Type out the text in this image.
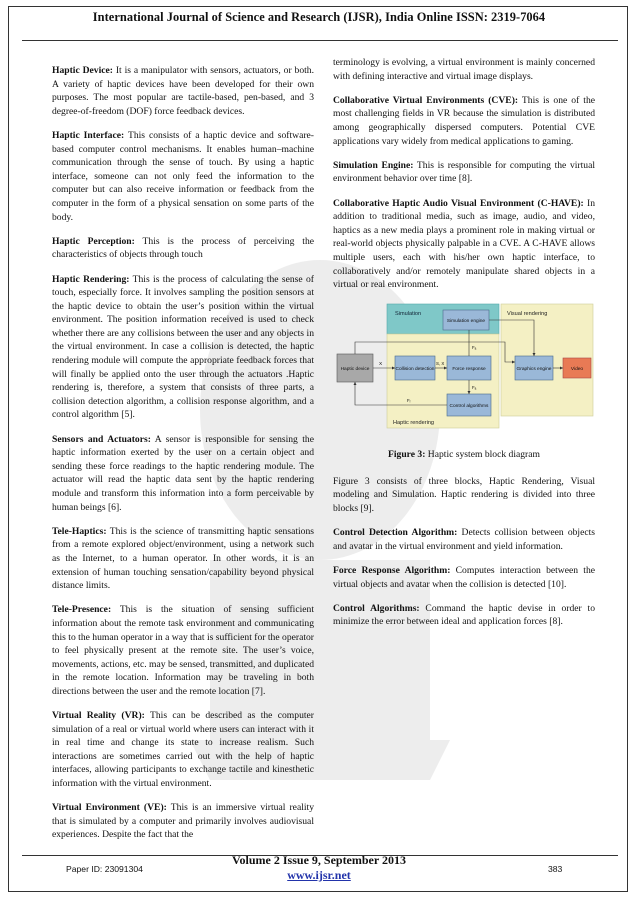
International Journal of Science and Research (IJSR), India Online ISSN: 2319-7064

Haptic Device: It is a manipulator with sensors, actuators, or both. A variety of haptic devices have been developed for their own purposes. The most popular are tactile-based, pen-based, and 3 degree-of-freedom (DOF) force feedback devices.

Haptic Interface: This consists of a haptic device and software-based computer control mechanisms. It enables human–machine communication through the sense of touch. By using a haptic interface, someone can not only feed the information to the computer but can also receive information or feedback from the computer in the form of a physical sensation on some parts of the body.

Haptic Perception: This is the process of perceiving the characteristics of objects through touch

Haptic Rendering: This is the process of calculating the sense of touch, especially force. It involves sampling the position sensors at the haptic device to obtain the user’s position within the virtual environment. The position information received is used to check whether there are any collisions between the user and any objects in the virtual environment. In case a collision is detected, the haptic rendering module will compute the appropriate feedback forces that will finally be applied onto the user through the actuators .Haptic rendering is, therefore, a system that consists of three parts, a collision detection algorithm, a collision response algorithm, and a control algorithm [5].

Sensors and Actuators: A sensor is responsible for sensing the haptic information exerted by the user on a certain object and sending these force readings to the haptic rendering module. The actuator will read the haptic data sent by the haptic rendering module and transform this information into a form perceivable by human beings [6].

Tele-Haptics: This is the science of transmitting haptic sensations from a remote explored object/environment, using a network such as the Internet, to a human operator. In other words, it is an extension of human touching sensation/capability beyond physical distance limits.

Tele-Presence: This is the situation of sensing sufficient information about the remote task environment and communicating this to the human operator in a way that is sufficient for the operator to feel physically present at the remote site. The user’s voice, movements, actions, etc. may be sensed, transmitted, and duplicated in the remote location. Information may be traveling in both directions between the user and the remote location [7].

Virtual Reality (VR): This can be described as the computer simulation of a real or virtual world where users can interact with it in real time and change its state to increase realism. Such interactions are sometimes carried out with the help of haptic interfaces, allowing participants to exchange tactile and kinesthetic information with the virtual environment.

Virtual Environment (VE): This is an immersive virtual reality that is simulated by a computer and primarily involves audiovisual experiences. Despite the fact that the

terminology is evolving, a virtual environment is mainly concerned with defining interactive and virtual image displays.

Collaborative Virtual Environments (CVE): This is one of the most challenging fields in VR because the simulation is distributed among geographically dispersed computers. Potential CVE applications vary widely from medical applications to gaming.

Simulation Engine: This is responsible for computing the virtual environment behavior over time [8].

Collaborative Haptic Audio Visual Environment (C-HAVE): In addition to traditional media, such as image, audio, and video, haptics as a new media plays a prominent role in making virtual or real-world objects physically palpable in a CVE. A C-HAVE allows multiple users, each with his/her own haptic interface, to collaboratively and/or remotely manipulate shared objects in a virtual or real environment.

Simulation	Visual rendering
Haptic rendering
Simulation engine
Haptic device	Collision detection	Force response
Control algorithms
Graphics engine	Video
X	S, X
Fₐ
Fₐ
Fᵣ
Figure 3: Haptic system block diagram

Figure 3 consists of three blocks, Haptic Rendering, Visual modeling and Simulation. Haptic rendering is divided into three blocks [9].

Control Detection Algorithm: Detects collision between objects and avatar in the virtual environment and yield information.

Force Response Algorithm: Computes interaction between the virtual objects and avatar when the collision is detected [10].

Control Algorithms: Command the haptic devise in order to minimize the error between ideal and application forces [8].

Volume 2 Issue 9, September 2013
www.ijsr.net
Paper ID: 23091304	383
